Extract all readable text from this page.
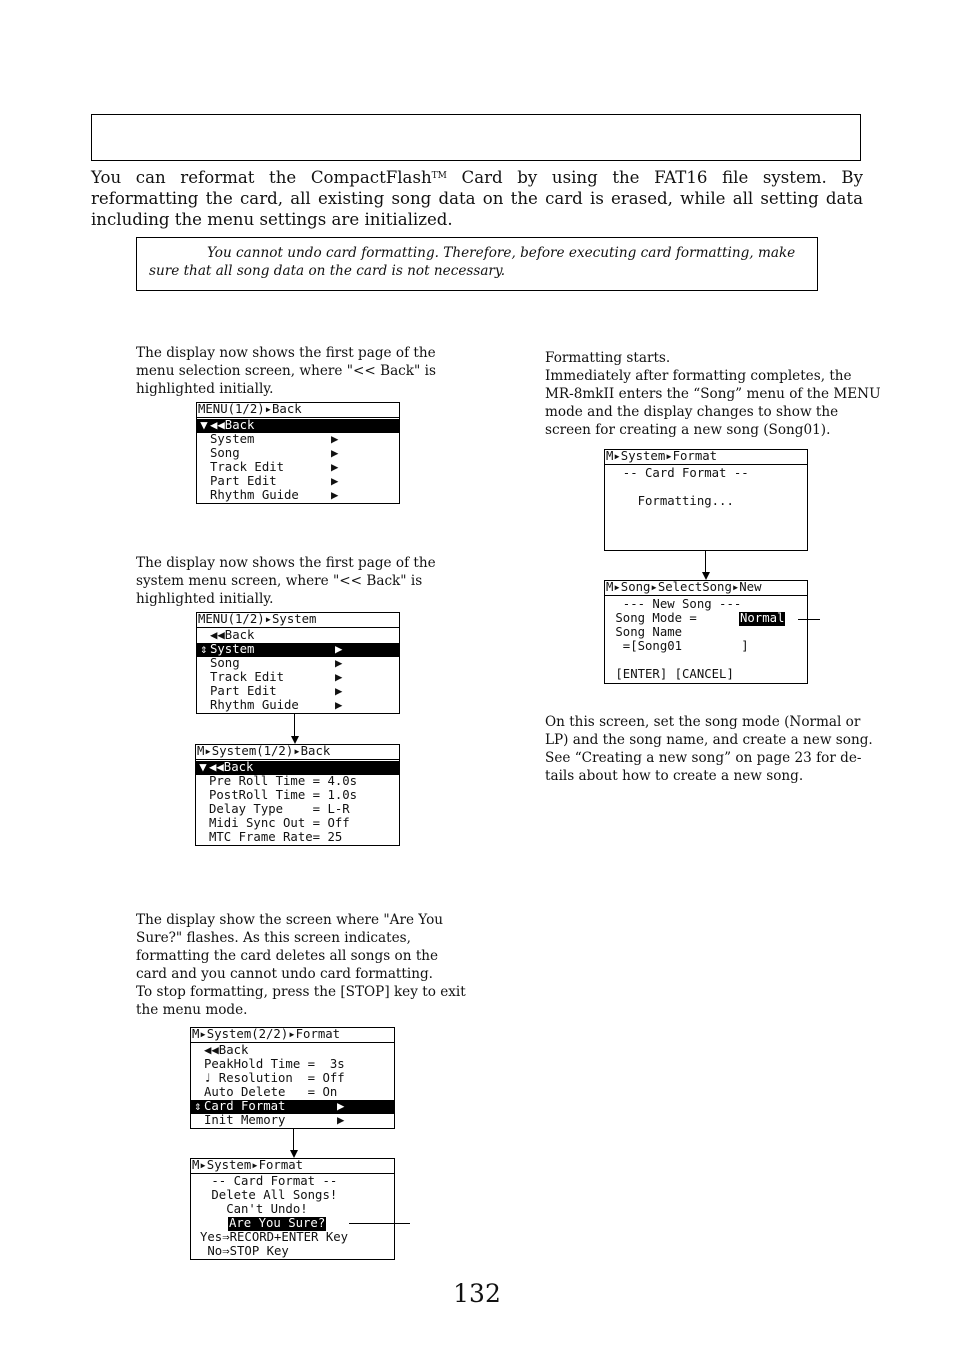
You can reformat the CompactFlash™ Card by using the FAT16 file system. By reformatting the card, all existing song data on the card is erased, while all setting data including the menu settings are initialized.
You cannot undo card formatting. Therefore, before executing card formatting, make
sure that all song data on the card is not necessary.
The display now shows the first page of the
menu selection screen, where "<< Back" is
highlighted initially.
MENU(1/2)▸Back
▼ ◀◀Back
System	▶
Song	▶
Track Edit	▶
Part Edit	▶
Rhythm Guide	▶
The display now shows the first page of the
system menu screen, where "<< Back" is
highlighted initially.
MENU(1/2)▸System
◀◀Back
⇕ System	▶
Song	▶
Track Edit	▶
Part Edit	▶
Rhythm Guide	▶
M▸System(1/2)▸Back
▼ ◀◀Back
Pre Roll Time = 4.0s
PostRoll Time = 1.0s
Delay Type    = L-R
Midi Sync Out = Off
MTC Frame Rate= 25
The display show the screen where "Are You
Sure?" flashes. As this screen indicates,
formatting the card deletes all songs on the
card and you cannot undo card formatting.
To stop formatting, press the [STOP] key to exit
the menu mode.
M▸System(2/2)▸Format
◀◀Back
PeakHold Time =  3s
♩ Resolution  = Off
Auto Delete   = On
⇕ Card Format	▶
Init Memory	▶
M▸System▸Format
-- Card Format --
Delete All Songs!
Can't Undo!
Are You Sure?
Yes⇒RECORD+ENTER Key
No⇒STOP Key
Formatting starts.
Immediately after formatting completes, the
MR-8mkII enters the “Song” menu of the MENU
mode and the display changes to show the
screen for creating a new song (Song01).
M▸System▸Format
-- Card Format --
Formatting...
M▸Song▸SelectSong▸New
--- New Song ---
Song Mode =	Normal
Song Name
=[Song01        ]
[ENTER] [CANCEL]
On this screen, set the song mode (Normal or
LP) and the song name, and create a new song.
See “Creating a new song” on page 23 for de-
tails about how to create a new song.
132
